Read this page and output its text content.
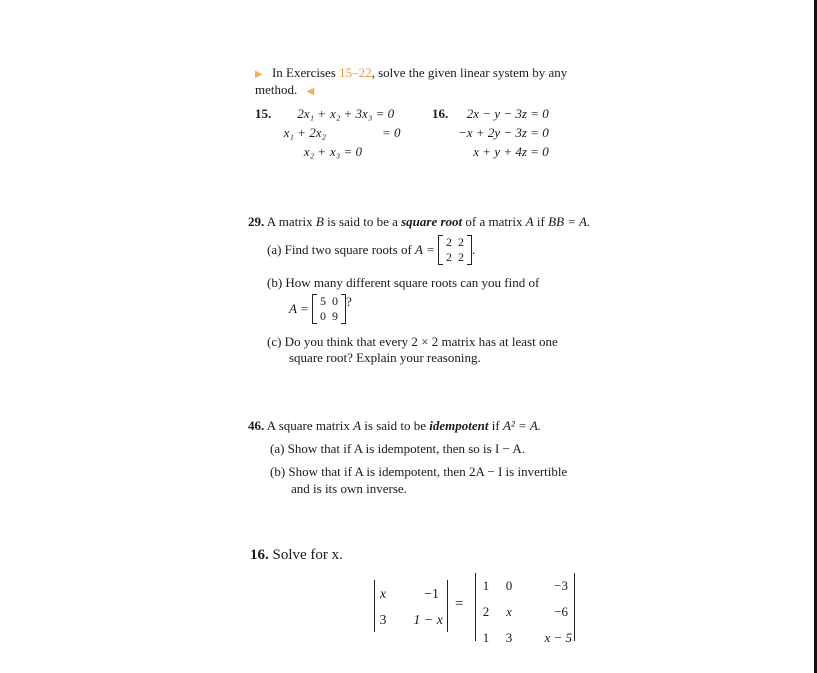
▶ In Exercises 15–22, solve the given linear system by any
method. ◀
15.	2x₁ +	x₂ + 3x₃ = 0
	x₁ + 2x₂	= 0
	x₂ +	x₃ = 0
16.	2x − y − 3z = 0
	−x + 2y − 3z = 0
	x + y + 4z = 0
29. A matrix B is said to be a square root of a matrix A if BB = A.
(a) Find two square roots of A = 2	2
2	2 .
(b) How many different square roots can you find of
A = 5	0
0	9
?
(c) Do you think that every 2 × 2 matrix has at least one
square root? Explain your reasoning.
46. A square matrix A is said to be idempotent if A² = A.
(a) Show that if A is idempotent, then so is I − A.
(b) Show that if A is idempotent, then 2A − I is invertible
and is its own inverse.
16. Solve for x.
x	−1
3	1 − x
=
1	0	−3
2	x	−6
1	3	x − 5
